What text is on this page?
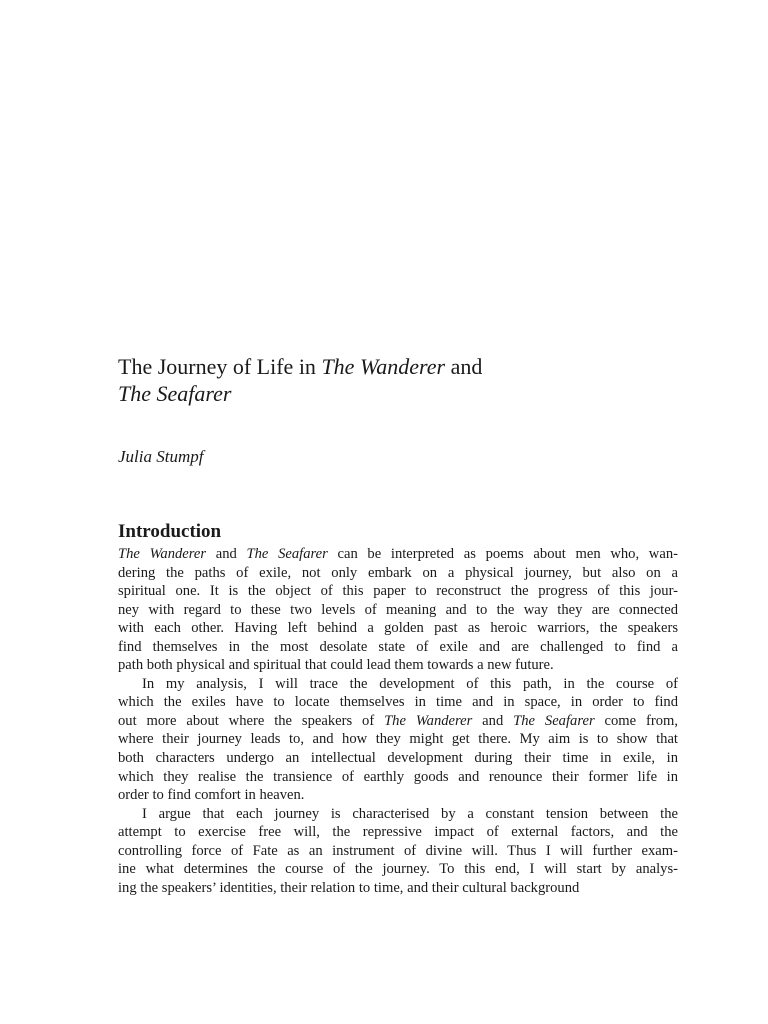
The Journey of Life in The Wanderer and
The Seafarer

Julia Stumpf

Introduction
The Wanderer and The Seafarer can be interpreted as poems about men who, wan-
dering the paths of exile, not only embark on a physical journey, but also on a
spiritual one. It is the object of this paper to reconstruct the progress of this jour-
ney with regard to these two levels of meaning and to the way they are connected
with each other. Having left behind a golden past as heroic warriors, the speakers
find themselves in the most desolate state of exile and are challenged to find a
path both physical and spiritual that could lead them towards a new future.
In my analysis, I will trace the development of this path, in the course of
which the exiles have to locate themselves in time and in space, in order to find
out more about where the speakers of The Wanderer and The Seafarer come from,
where their journey leads to, and how they might get there. My aim is to show that
both characters undergo an intellectual development during their time in exile, in
which they realise the transience of earthly goods and renounce their former life in
order to find comfort in heaven.
I argue that each journey is characterised by a constant tension between the
attempt to exercise free will, the repressive impact of external factors, and the
controlling force of Fate as an instrument of divine will. Thus I will further exam-
ine what determines the course of the journey. To this end, I will start by analys-
ing the speakers’ identities, their relation to time, and their cultural background
